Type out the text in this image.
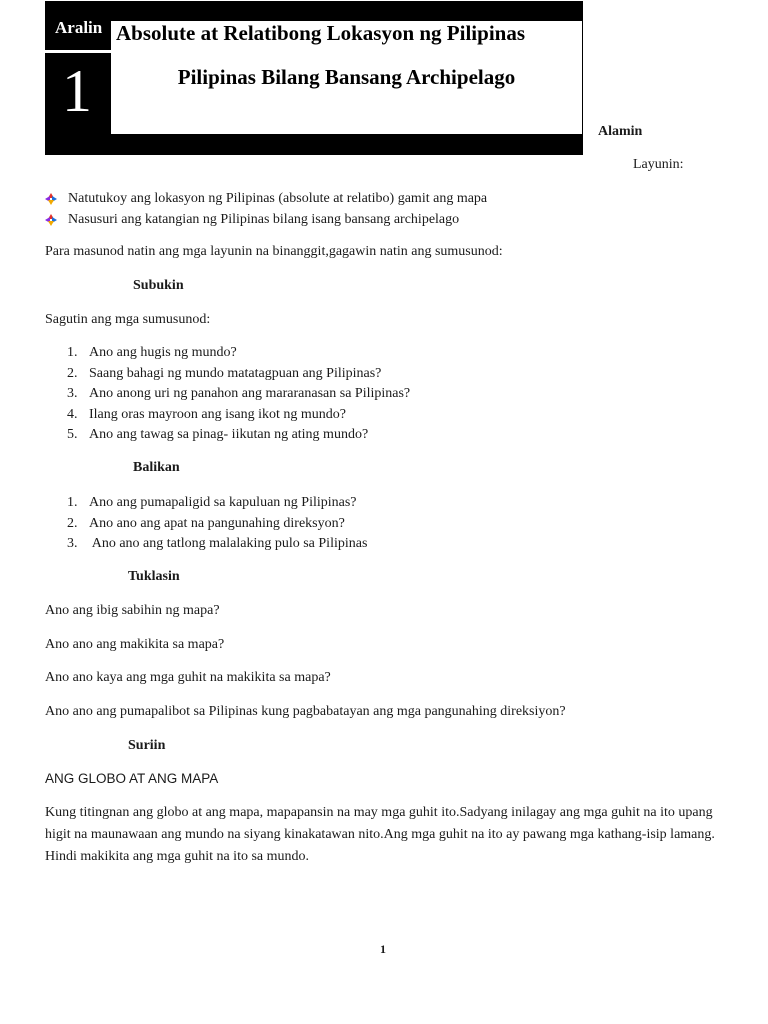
Aralin
1
Absolute at Relatibong Lokasyon ng Pilipinas
Pilipinas Bilang Bansang Archipelago
Alamin
Layunin:
Natutukoy ang lokasyon ng Pilipinas (absolute at relatibo) gamit ang mapa
Nasusuri ang katangian ng Pilipinas bilang isang bansang archipelago
Para masunod natin ang mga layunin na binanggit,gagawin natin ang sumusunod:
Subukin
Sagutin ang mga sumusunod:
1. Ano ang hugis ng mundo?
2. Saang bahagi ng mundo matatagpuan ang Pilipinas?
3. Ano anong uri ng panahon ang mararanasan sa Pilipinas?
4. Ilang oras mayroon ang isang ikot ng mundo?
5. Ano ang tawag sa pinag- iikutan ng ating mundo?
Balikan
1. Ano ang pumapaligid sa kapuluan ng Pilipinas?
2. Ano ano ang apat na pangunahing direksyon?
3. Ano ano ang tatlong malalaking pulo sa Pilipinas
Tuklasin
Ano ang ibig sabihin ng mapa?
Ano ano ang makikita sa mapa?
Ano ano kaya ang mga guhit na makikita sa mapa?
Ano ano ang pumapalibot sa Pilipinas kung pagbabatayan ang mga pangunahing direksiyon?
Suriin
ANG GLOBO AT ANG MAPA
Kung titingnan ang globo at ang mapa, mapapansin na may mga guhit ito.Sadyang inilagay ang mga guhit na ito upang higit na maunawaan ang mundo na siyang kinakatawan nito.Ang mga guhit na ito ay pawang mga kathang-isip lamang. Hindi makikita ang mga guhit na ito sa mundo.
1
